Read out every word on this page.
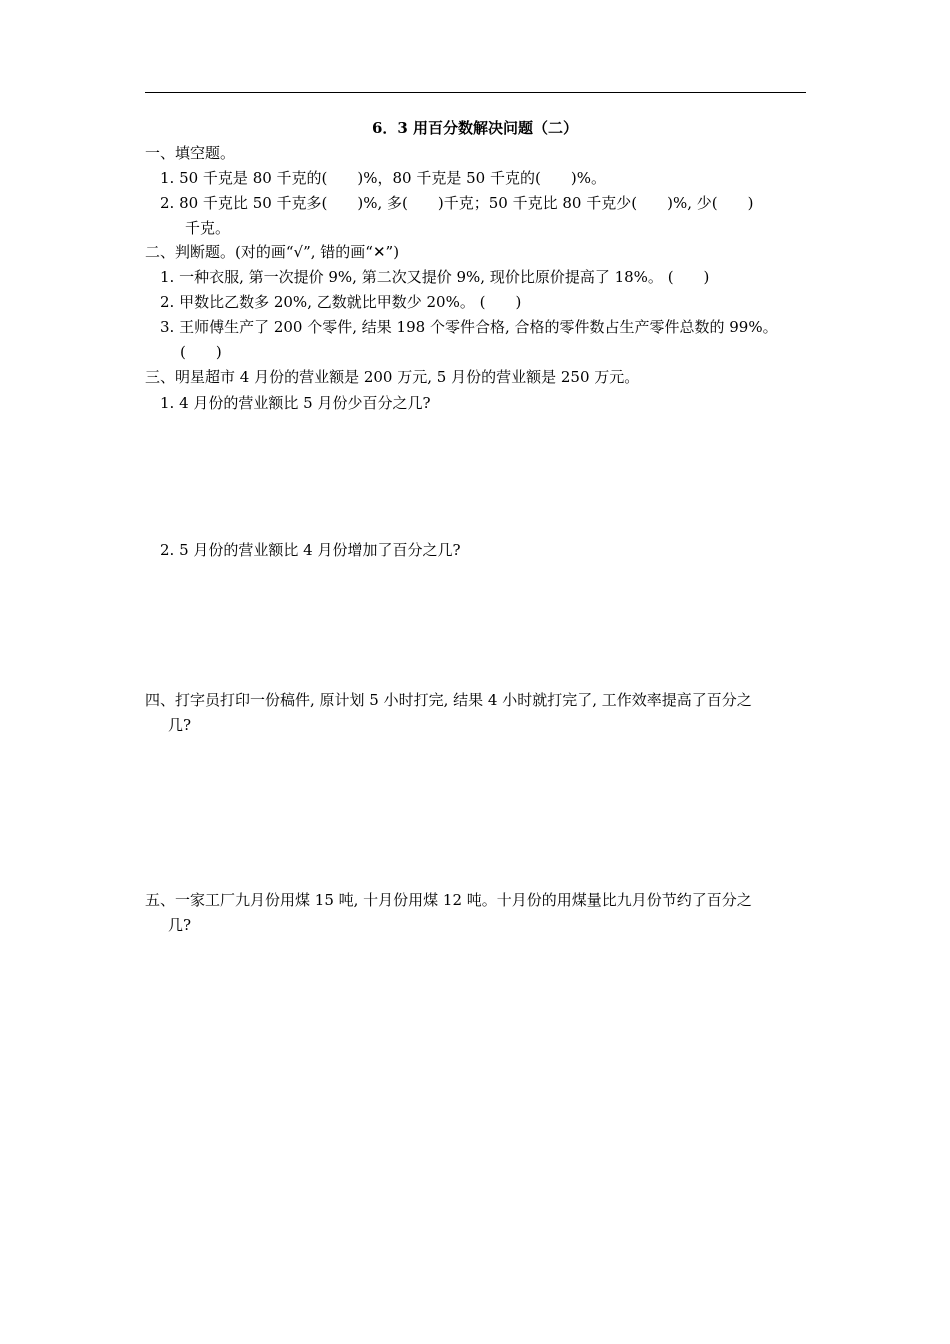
6．3 用百分数解决问题（二）
一、填空题。
1. 50 千克是 80 千克的(　　)%，80 千克是 50 千克的(　　)%。
2. 80 千克比 50 千克多(　　)%, 多(　　)千克；50 千克比 80 千克少(　　)%, 少(　　)
千克。
二、判断题。(对的画“√”, 错的画“✕”)
1. 一种衣服, 第一次提价 9%, 第二次又提价 9%, 现价比原价提高了 18%。 (　　)
2. 甲数比乙数多 20%, 乙数就比甲数少 20%。 (　　)
3. 王师傅生产了 200 个零件, 结果 198 个零件合格, 合格的零件数占生产零件总数的 99%。
(　　)
三、明星超市 4 月份的营业额是 200 万元, 5 月份的营业额是 250 万元。
1. 4 月份的营业额比 5 月份少百分之几?
2. 5 月份的营业额比 4 月份增加了百分之几?
四、打字员打印一份稿件, 原计划 5 小时打完, 结果 4 小时就打完了, 工作效率提高了百分之
几?
五、一家工厂九月份用煤 15 吨, 十月份用煤 12 吨。十月份的用煤量比九月份节约了百分之
几?
